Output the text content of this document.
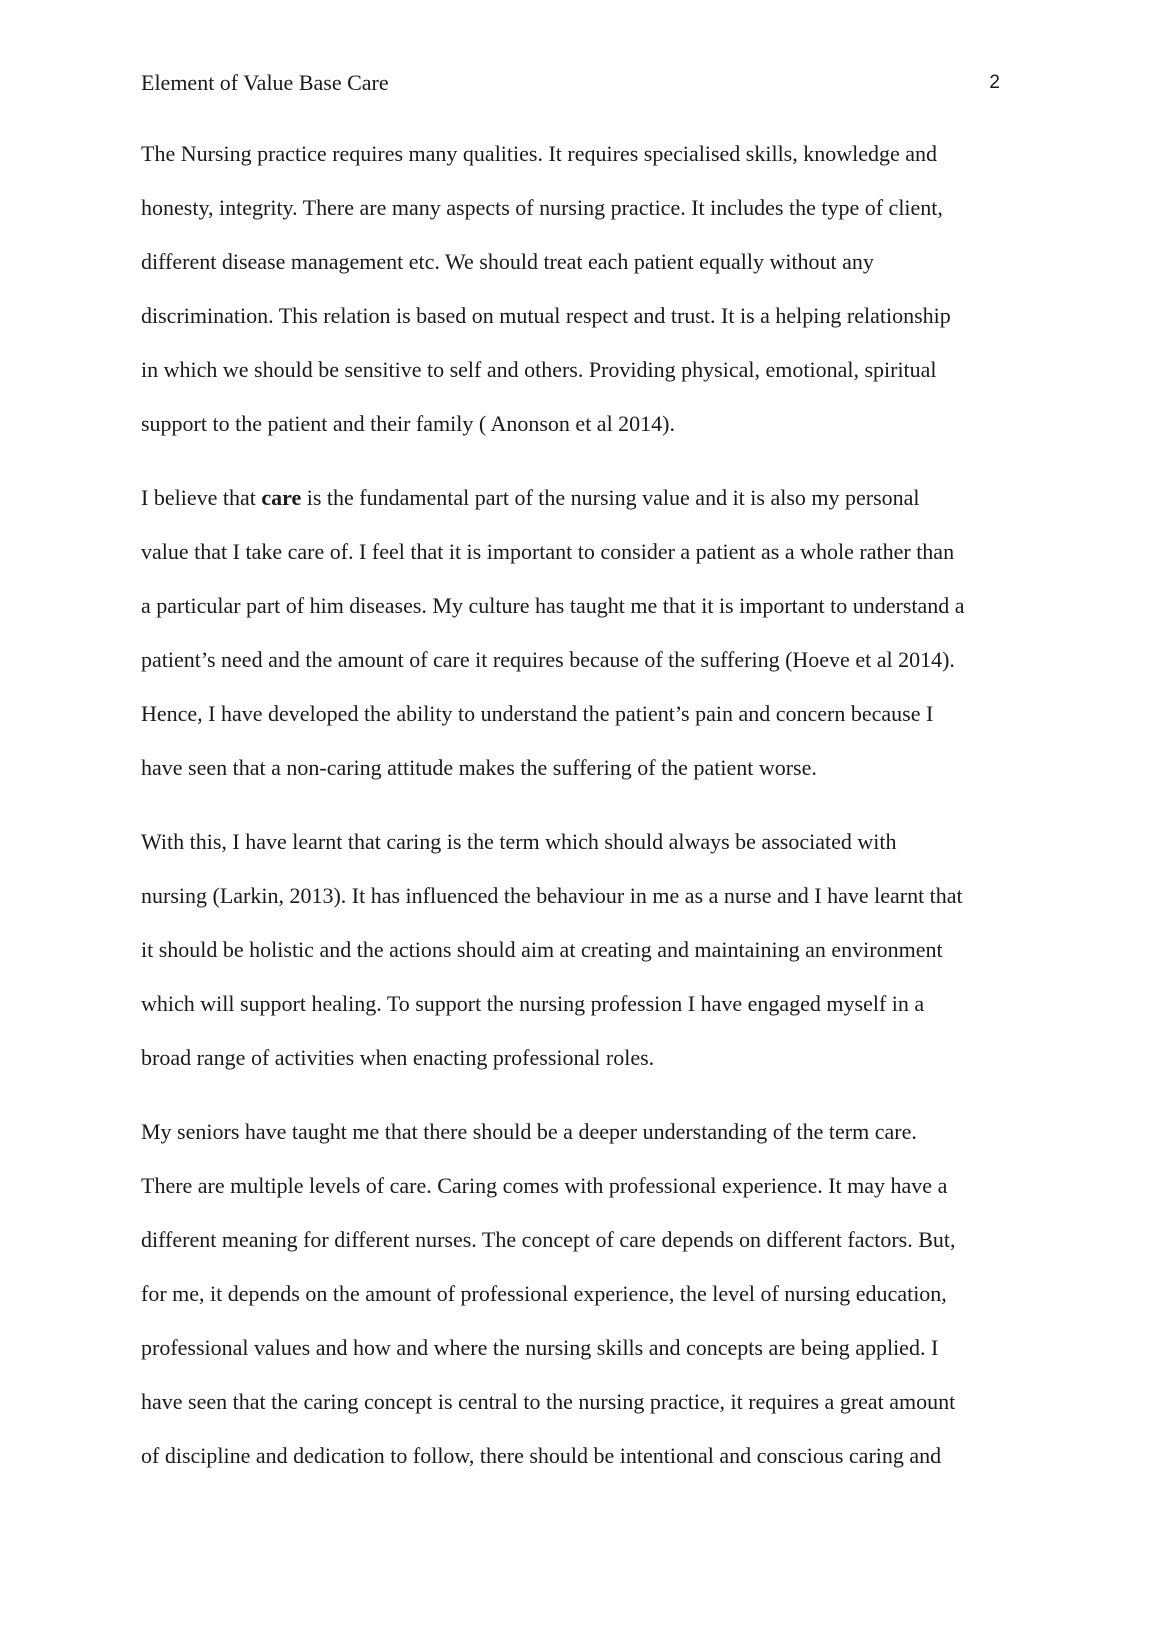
Element of Value Base Care	2
The Nursing practice requires many qualities. It requires specialised skills, knowledge and
honesty, integrity. There are many aspects of nursing practice. It includes the type of client,
different disease management etc. We should treat each patient equally without any
discrimination. This relation is based on mutual respect and trust. It is a helping relationship
in which we should be sensitive to self and others. Providing physical, emotional, spiritual
support to the patient and their family ( Anonson et al 2014).
I believe that care is the fundamental part of the nursing value and it is also my personal
value that I take care of. I feel that it is important to consider a patient as a whole rather than
a particular part of him diseases. My culture has taught me that it is important to understand a
patient’s need and the amount of care it requires because of the suffering (Hoeve et al 2014).
Hence, I have developed the ability to understand the patient’s pain and concern because I
have seen that a non-caring attitude makes the suffering of the patient worse.
With this, I have learnt that caring is the term which should always be associated with
nursing (Larkin, 2013). It has influenced the behaviour in me as a nurse and I have learnt that
it should be holistic and the actions should aim at creating and maintaining an environment
which will support healing. To support the nursing profession I have engaged myself in a
broad range of activities when enacting professional roles.
My seniors have taught me that there should be a deeper understanding of the term care.
There are multiple levels of care. Caring comes with professional experience. It may have a
different meaning for different nurses. The concept of care depends on different factors. But,
for me, it depends on the amount of professional experience, the level of nursing education,
professional values and how and where the nursing skills and concepts are being applied. I
have seen that the caring concept is central to the nursing practice, it requires a great amount
of discipline and dedication to follow, there should be intentional and conscious caring and
